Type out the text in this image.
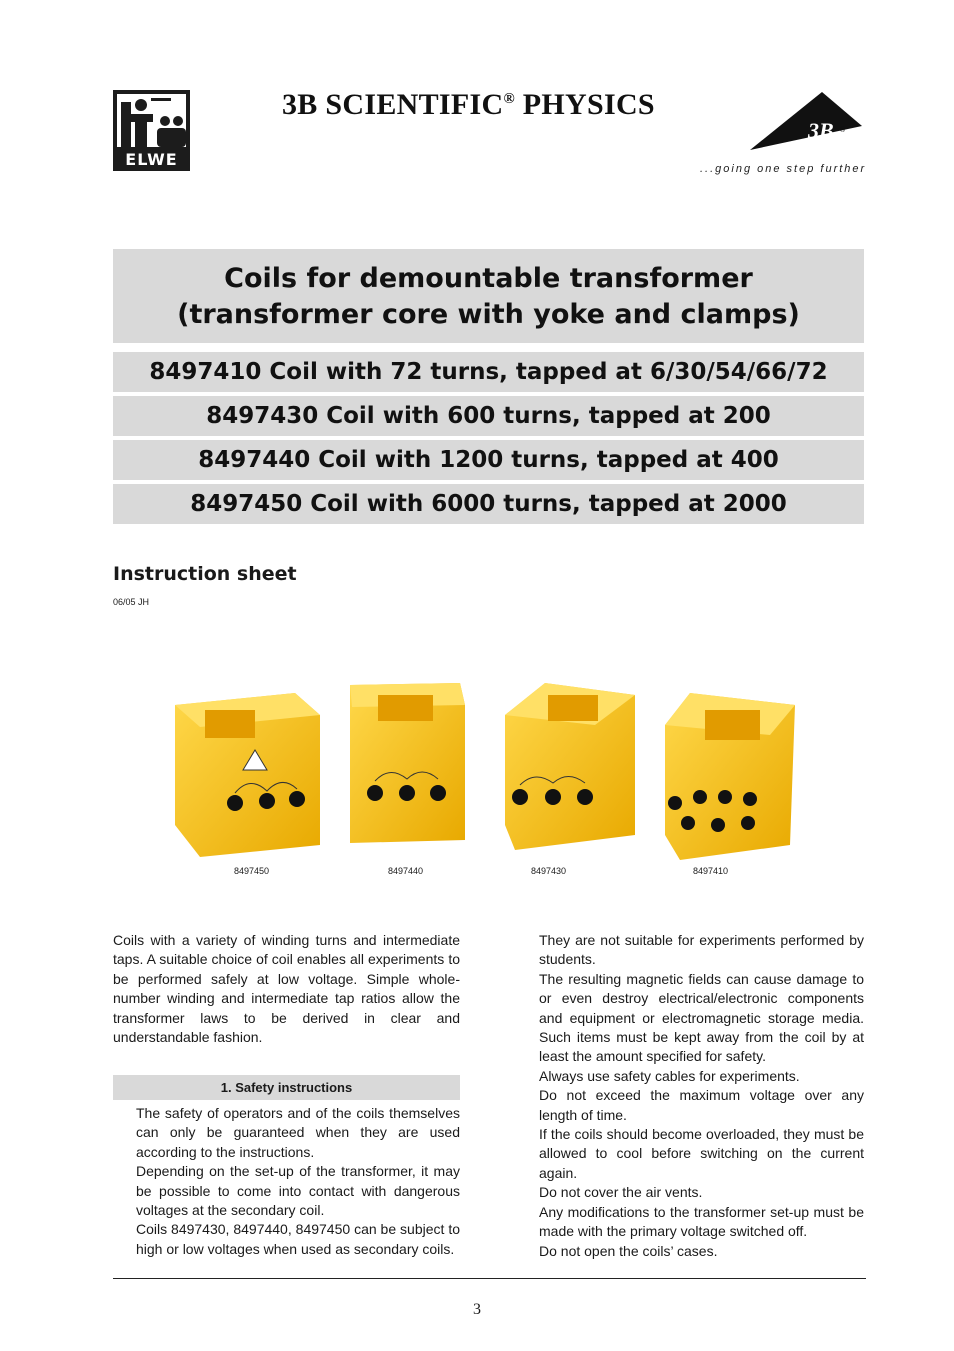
ELWE
3B SCIENTIFIC® PHYSICS
3B ®
...going one step further
Coils for demountable transformer
(transformer core with yoke and clamps)
8497410 Coil with 72 turns, tapped at 6/30/54/66/72
8497430 Coil with 600 turns, tapped at 200
8497440 Coil with 1200 turns, tapped at 400
8497450 Coil with 6000 turns, tapped at 2000
Instruction sheet
06/05 JH
8497450	8497440	8497430	8497410

Coils with a variety of winding turns and intermediate taps. A suitable choice of coil enables all experiments to be performed safely at low voltage. Simple whole-number winding and intermediate tap ratios allow the transformer laws to be derived in clear and understandable fashion.

1. Safety instructions

The safety of operators and of the coils themselves can only be guaranteed when they are used according to the instructions.

Depending on the set-up of the transformer, it may be possible to come into contact with dangerous voltages at the secondary coil.

Coils 8497430, 8497440, 8497450 can be subject to high or low voltages when used as secondary coils.

They are not suitable for experiments performed by students.

The resulting magnetic fields can cause damage to or even destroy electrical/electronic components and equipment or electromagnetic storage media. Such items must be kept away from the coil by at least the amount specified for safety.

Always use safety cables for experiments.

Do not exceed the maximum voltage over any length of time.

If the coils should become overloaded, they must be allowed to cool before switching on the current again.

Do not cover the air vents.

Any modifications to the transformer set-up must be made with the primary voltage switched off.

Do not open the coils’ cases.

3
